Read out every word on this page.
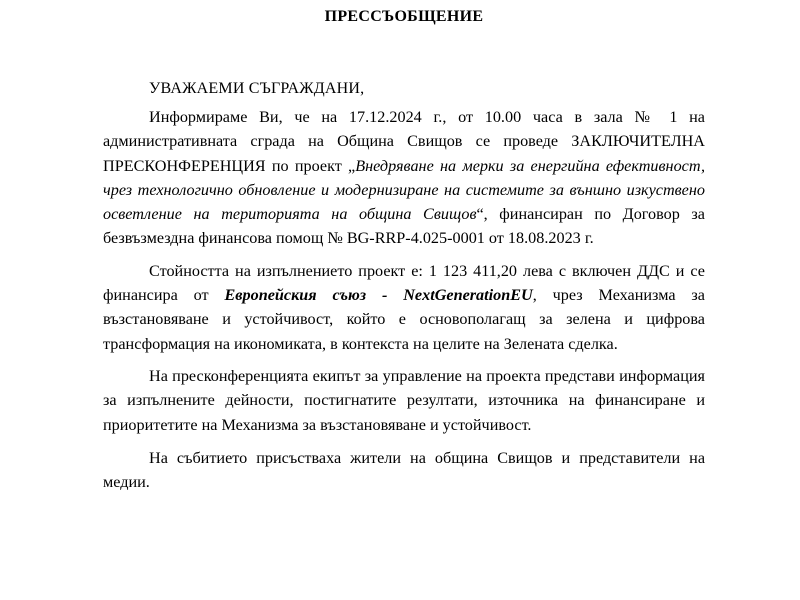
ПРЕССЪОБЩЕНИЕ
УВАЖАЕМИ СЪГРАЖДАНИ,

Информираме Ви, че на 17.12.2024 г., от 10.00 часа в зала № 1 на административната сграда на Община Свищов се проведе ЗАКЛЮЧИТЕЛНА ПРЕСКОНФЕРЕНЦИЯ по проект „Внедряване на мерки за енергийна ефективност, чрез технологично обновление и модернизиране на системите за външно изкуствено осветление на територията на община Свищов“, финансиран по Договор за безвъзмездна финансова помощ № BG-RRP-4.025-0001 от 18.08.2023 г.

Стойността на изпълнението проект е: 1 123 411,20 лева с включен ДДС и се финансира от Европейския съюз - NextGenerationEU, чрез Механизма за възстановяване и устойчивост, който е основополагащ за зелена и цифрова трансформация на икономиката, в контекста на целите на Зелената сделка.

На пресконференцията екипът за управление на проекта представи информация за изпълнените дейности, постигнатите резултати, източника на финансиране и приоритетите на Механизма за възстановяване и устойчивост.

На събитието присъстваха жители на община Свищов и представители на медии.
